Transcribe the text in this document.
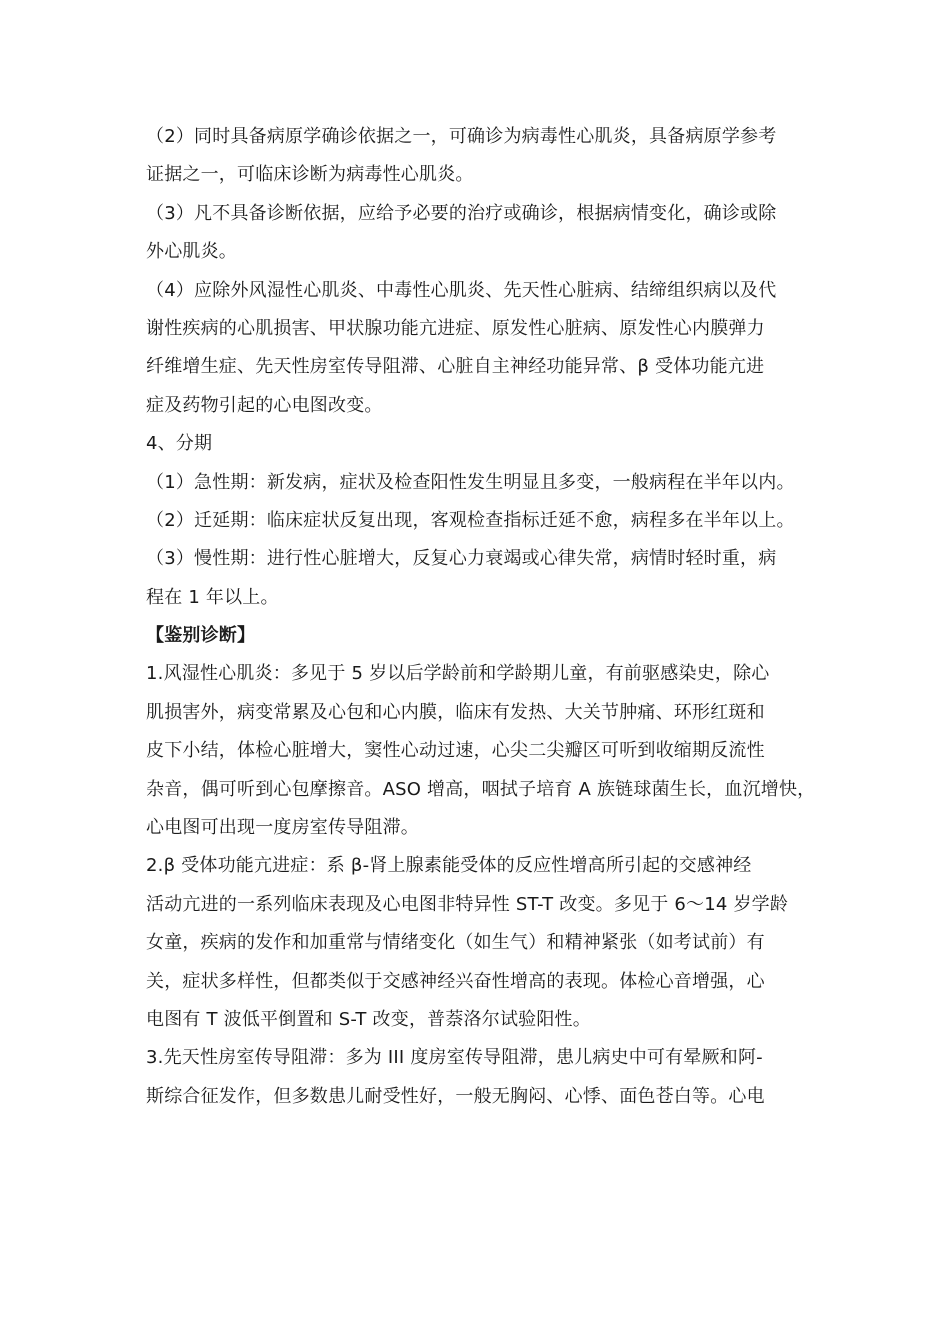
（2）同时具备病原学确诊依据之一，可确诊为病毒性心肌炎，具备病原学参考
证据之一，可临床诊断为病毒性心肌炎。
（3）凡不具备诊断依据，应给予必要的治疗或确诊，根据病情变化，确诊或除
外心肌炎。
（4）应除外风湿性心肌炎、中毒性心肌炎、先天性心脏病、结缔组织病以及代
谢性疾病的心肌损害、甲状腺功能亢进症、原发性心脏病、原发性心内膜弹力
纤维增生症、先天性房室传导阻滞、心脏自主神经功能异常、β 受体功能亢进
症及药物引起的心电图改变。
4、分期
（1）急性期：新发病，症状及检查阳性发生明显且多变，一般病程在半年以内。
（2）迁延期：临床症状反复出现，客观检查指标迁延不愈，病程多在半年以上。
（3）慢性期：进行性心脏增大，反复心力衰竭或心律失常，病情时轻时重，病
程在 1 年以上。
【鉴别诊断】
1.风湿性心肌炎：多见于 5 岁以后学龄前和学龄期儿童，有前驱感染史，除心
肌损害外，病变常累及心包和心内膜，临床有发热、大关节肿痛、环形红斑和
皮下小结，体检心脏增大，窦性心动过速，心尖二尖瓣区可听到收缩期反流性
杂音，偶可听到心包摩擦音。ASO 增高，咽拭子培育 A 族链球菌生长，血沉增快，
心电图可出现一度房室传导阻滞。
2.β 受体功能亢进症：系 β-肾上腺素能受体的反应性增高所引起的交感神经
活动亢进的一系列临床表现及心电图非特异性 ST-T 改变。多见于 6～14 岁学龄
女童，疾病的发作和加重常与情绪变化（如生气）和精神紧张（如考试前）有
关，症状多样性，但都类似于交感神经兴奋性增高的表现。体检心音增强，心
电图有 T 波低平倒置和 S-T 改变，普萘洛尔试验阳性。
3.先天性房室传导阻滞：多为 III 度房室传导阻滞，患儿病史中可有晕厥和阿-
斯综合征发作，但多数患儿耐受性好，一般无胸闷、心悸、面色苍白等。心电
